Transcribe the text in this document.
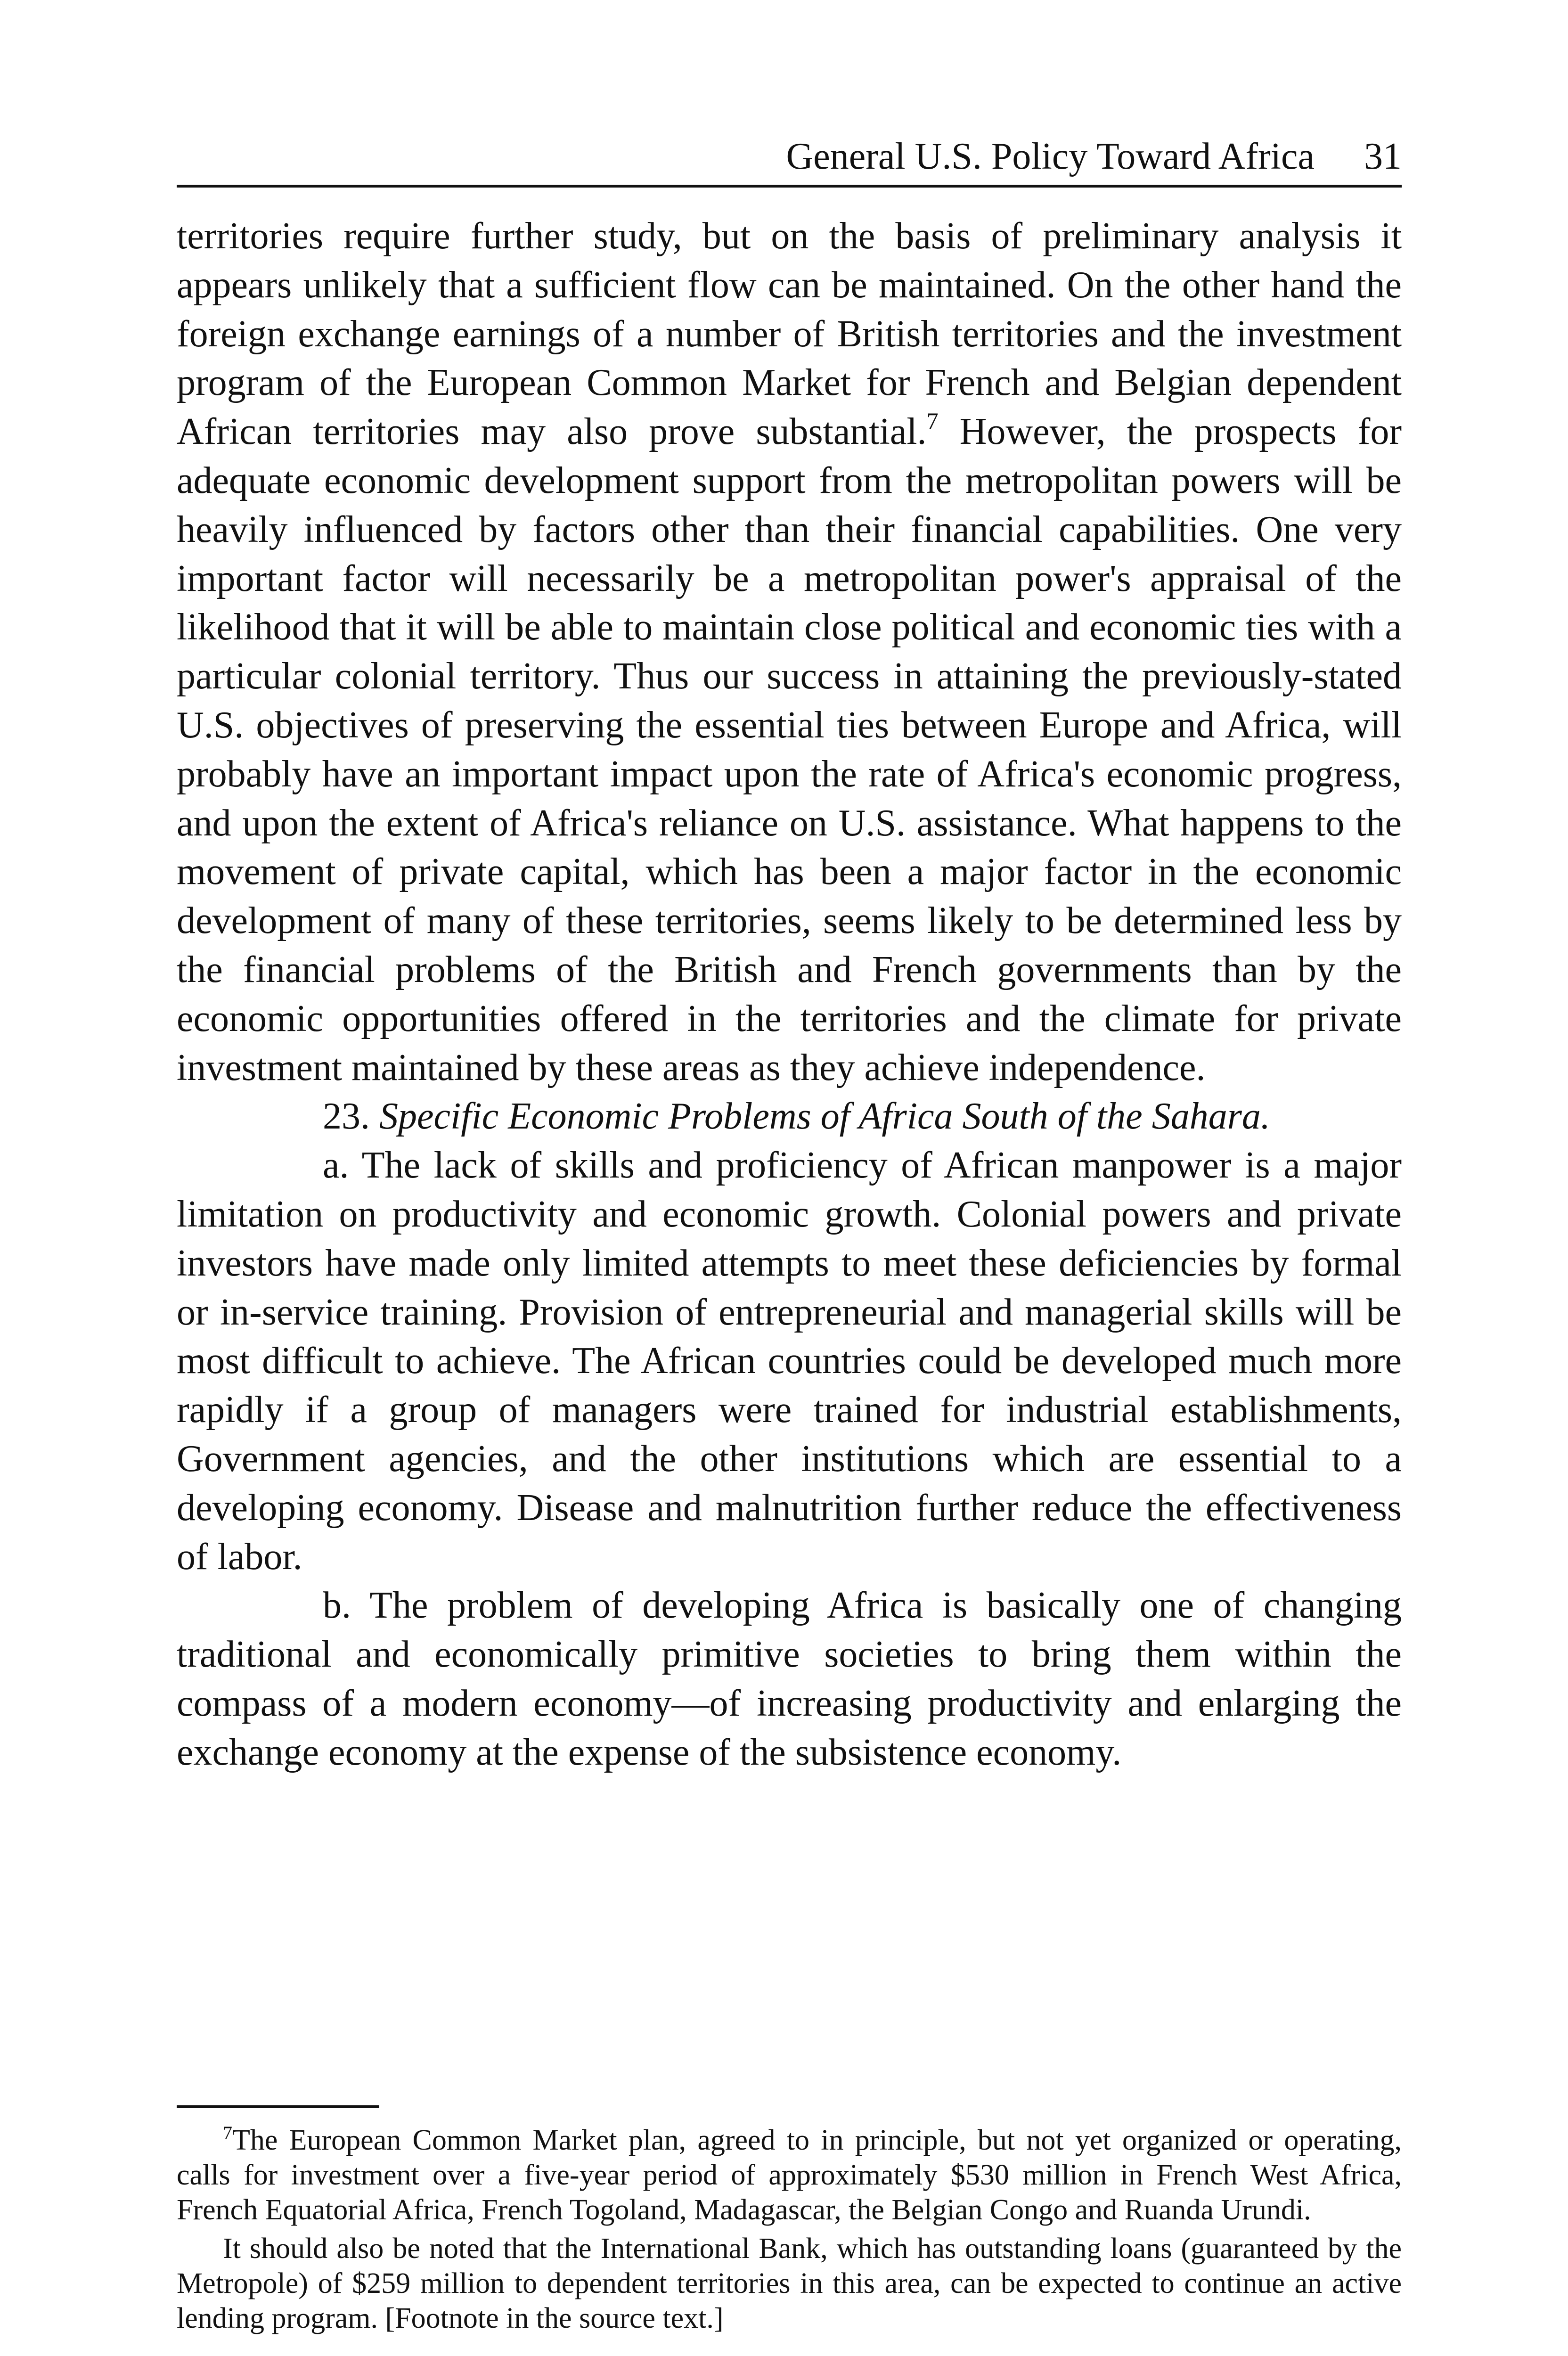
General U.S. Policy Toward Africa 31

territories require further study, but on the basis of preliminary analysis it appears unlikely that a sufficient flow can be maintained. On the other hand the foreign exchange earnings of a number of British territories and the investment program of the European Common Market for French and Belgian dependent African territories may also prove substantial.$^7$ However, the prospects for adequate economic development support from the metropolitan powers will be heavily influenced by factors other than their financial capabilities. One very important factor will necessarily be a metropolitan power's appraisal of the likelihood that it will be able to maintain close political and economic ties with a particular colonial territory. Thus our success in attaining the previously-stated U.S. objectives of preserving the essential ties between Europe and Africa, will probably have an important impact upon the rate of Africa's economic progress, and upon the extent of Africa's reliance on U.S. assistance. What happens to the movement of private capital, which has been a major factor in the economic development of many of these territories, seems likely to be determined less by the financial problems of the British and French governments than by the economic opportunities offered in the territories and the climate for private investment maintained by these areas as they achieve independence.

23. Specific Economic Problems of Africa South of the Sahara.

a. The lack of skills and proficiency of African manpower is a major limitation on productivity and economic growth. Colonial powers and private investors have made only limited attempts to meet these deficiencies by formal or in-service training. Provision of entrepreneurial and managerial skills will be most difficult to achieve. The African countries could be developed much more rapidly if a group of managers were trained for industrial establishments, Government agencies, and the other institutions which are essential to a developing economy. Disease and malnutrition further reduce the effectiveness of labor.

b. The problem of developing Africa is basically one of changing traditional and economically primitive societies to bring them within the compass of a modern economy—of increasing productivity and enlarging the exchange economy at the expense of the subsistence economy.

$^7$The European Common Market plan, agreed to in principle, but not yet organized or operating, calls for investment over a five-year period of approximately $530 million in French West Africa, French Equatorial Africa, French Togoland, Madagascar, the Belgian Congo and Ruanda Urundi.

It should also be noted that the International Bank, which has outstanding loans (guaranteed by the Metropole) of $259 million to dependent territories in this area, can be expected to continue an active lending program. [Footnote in the source text.]
